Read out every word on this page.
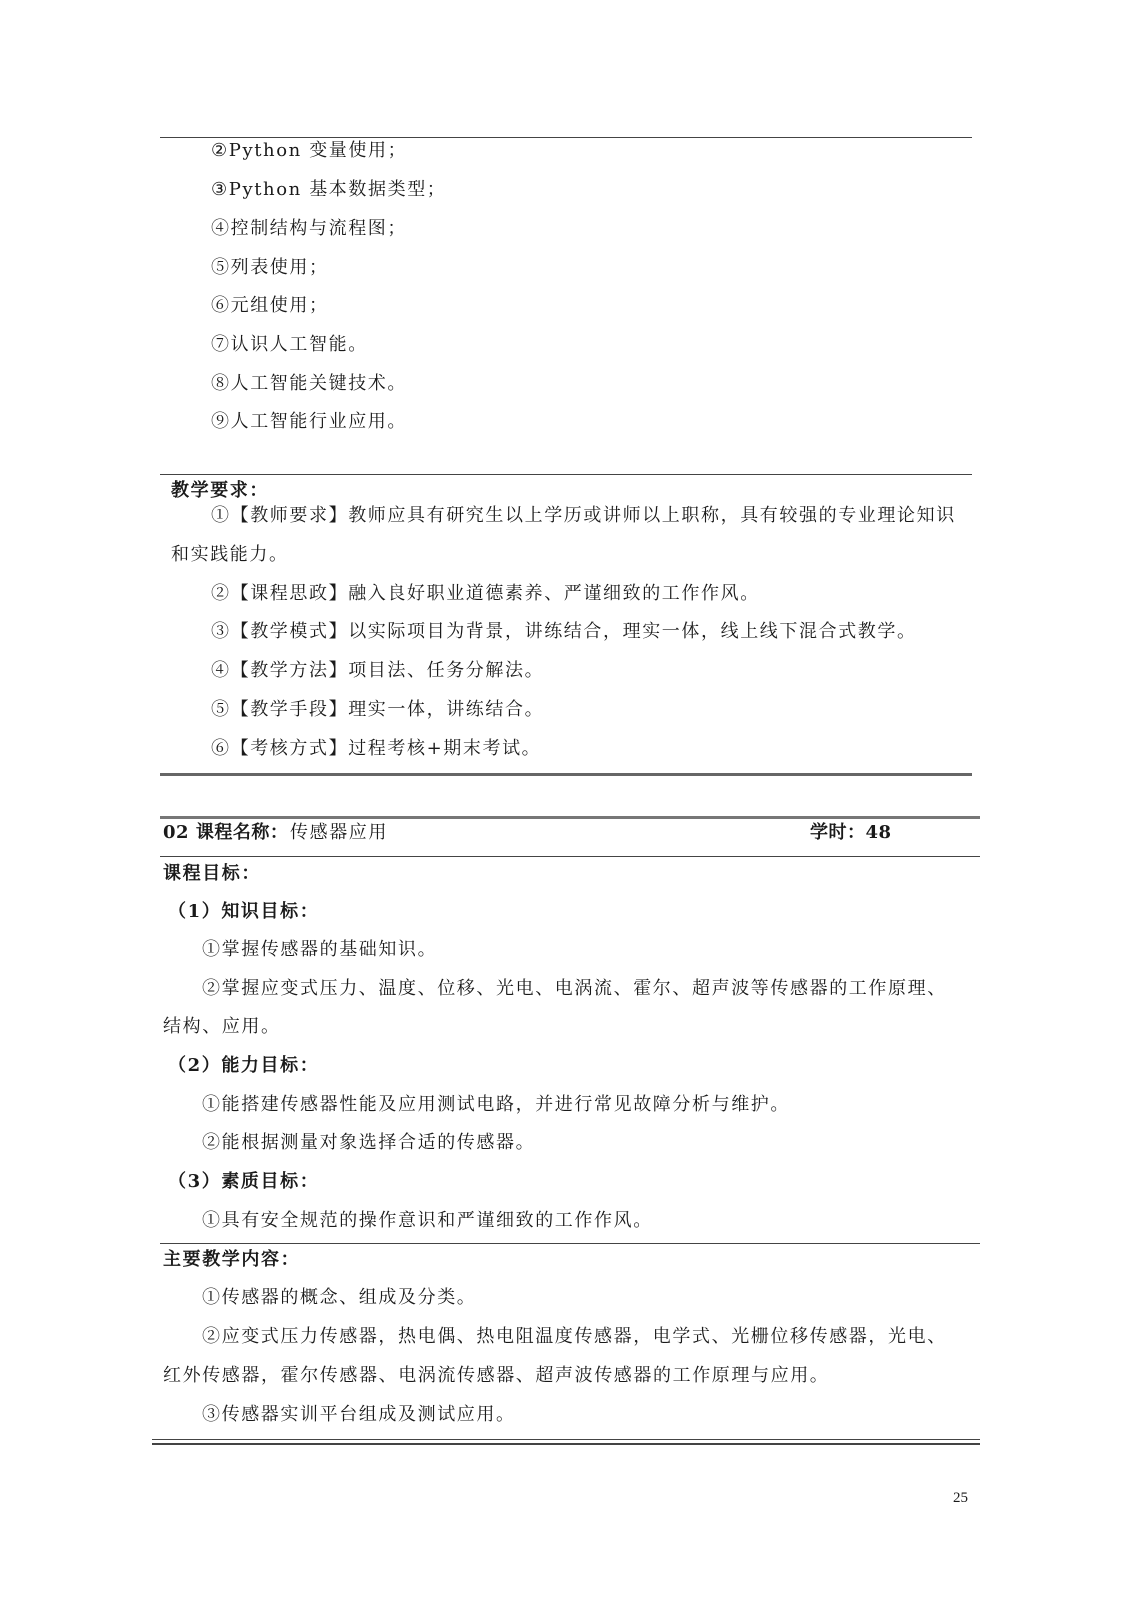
②Python 变量使用；
③Python 基本数据类型；
④控制结构与流程图；
⑤列表使用；
⑥元组使用；
⑦认识人工智能。
⑧人工智能关键技术。
⑨人工智能行业应用。
教学要求：
①【教师要求】教师应具有研究生以上学历或讲师以上职称，具有较强的专业理论知识
和实践能力。
②【课程思政】融入良好职业道德素养、严谨细致的工作作风。
③【教学模式】以实际项目为背景，讲练结合，理实一体，线上线下混合式教学。
④【教学方法】项目法、任务分解法。
⑤【教学手段】理实一体，讲练结合。
⑥【考核方式】过程考核+期末考试。
02 课程名称： 传感器应用	学时：48
课程目标：
（1）知识目标：
①掌握传感器的基础知识。
②掌握应变式压力、温度、位移、光电、电涡流、霍尔、超声波等传感器的工作原理、
结构、应用。
（2）能力目标：
①能搭建传感器性能及应用测试电路，并进行常见故障分析与维护。
②能根据测量对象选择合适的传感器。
（3）素质目标：
①具有安全规范的操作意识和严谨细致的工作作风。
主要教学内容：
①传感器的概念、组成及分类。
②应变式压力传感器，热电偶、热电阻温度传感器，电学式、光栅位移传感器，光电、
红外传感器，霍尔传感器、电涡流传感器、超声波传感器的工作原理与应用。
③传感器实训平台组成及测试应用。
25
